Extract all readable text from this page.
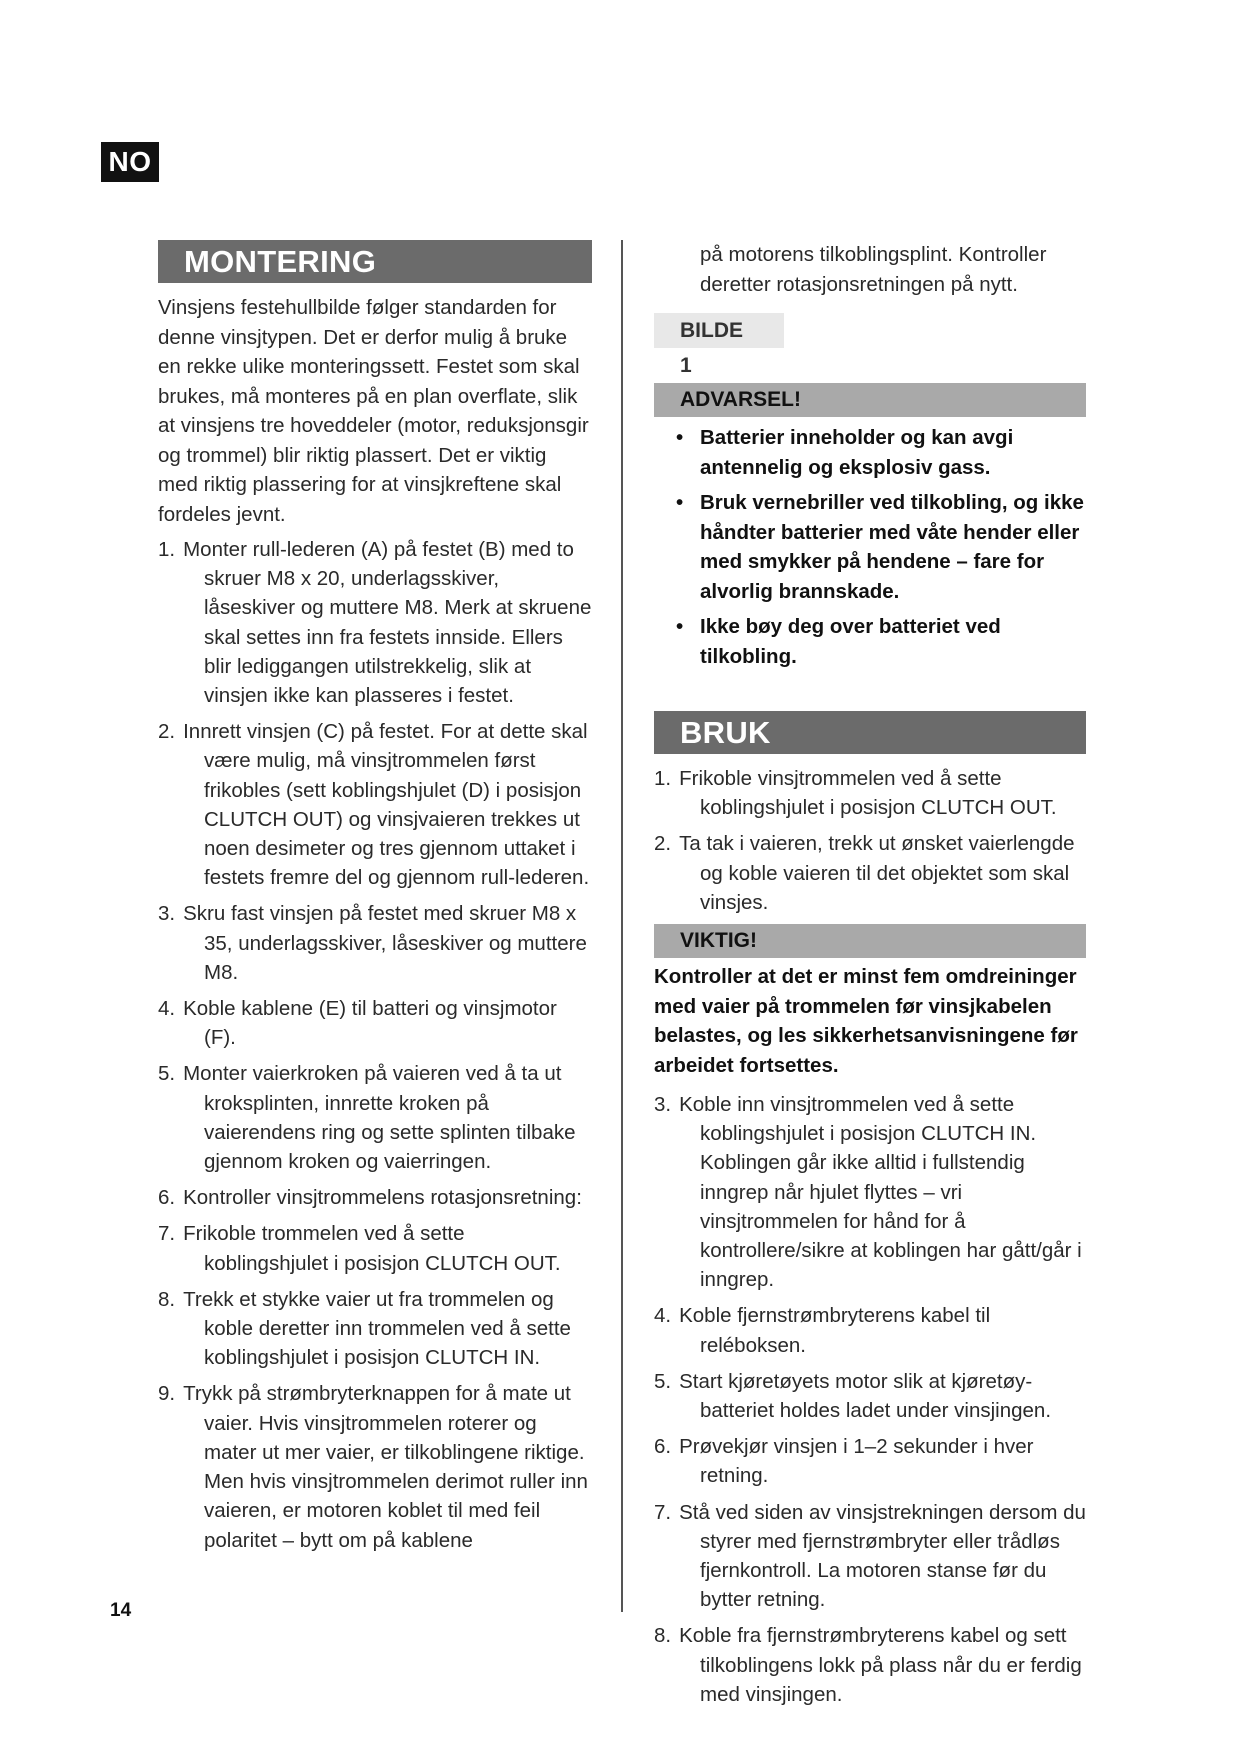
NO
MONTERING

Vinsjens festehullbilde følger standarden for denne vinsjtypen. Det er derfor mulig å bruke en rekke ulike monteringssett. Festet som skal brukes, må monteres på en plan overflate, slik at vinsjens tre hoveddeler (motor, reduksjonsgir og trommel) blir riktig plassert. Det er viktig med riktig plassering for at vinsjkreftene skal fordeles jevnt.

1. Monter rull-lederen (A) på festet (B) med to skruer M8 x 20, underlagsskiver, låseskiver og muttere M8. Merk at skruene skal settes inn fra festets innside. Ellers blir lediggangen utilstrekkelig, slik at vinsjen ikke kan plasseres i festet.
2. Innrett vinsjen (C) på festet. For at dette skal være mulig, må vinsjtrommelen først frikobles (sett koblingshjulet (D) i posisjon CLUTCH OUT) og vinsjvaieren trekkes ut noen desimeter og tres gjennom uttaket i festets fremre del og gjennom rull-lederen.
3. Skru fast vinsjen på festet med skruer M8 x 35, underlagsskiver, låseskiver og muttere M8.
4. Koble kablene (E) til batteri og vinsjmotor (F).
5. Monter vaierkroken på vaieren ved å ta ut kroksplinten, innrette kroken på vaierendens ring og sette splinten tilbake gjennom kroken og vaierringen.
6. Kontroller vinsjtrommelens rotasjonsretning:
7. Frikoble trommelen ved å sette koblingshjulet i posisjon CLUTCH OUT.
8. Trekk et stykke vaier ut fra trommelen og koble deretter inn trommelen ved å sette koblingshjulet i posisjon CLUTCH IN.
9. Trykk på strømbryterknappen for å mate ut vaier. Hvis vinsjtrommelen roterer og mater ut mer vaier, er tilkoblingene riktige. Men hvis vinsjtrommelen derimot ruller inn vaieren, er motoren koblet til med feil polaritet – bytt om på kablene

på motorens tilkoblingsplint. Kontroller deretter rotasjonsretningen på nytt.

BILDE 1
ADVARSEL!
• Batterier inneholder og kan avgi antennelig og eksplosiv gass.
• Bruk vernebriller ved tilkobling, og ikke håndter batterier med våte hender eller med smykker på hendene – fare for alvorlig brannskade.
• Ikke bøy deg over batteriet ved tilkobling.
BRUK
1. Frikoble vinsjtrommelen ved å sette koblingshjulet i posisjon CLUTCH OUT.
2. Ta tak i vaieren, trekk ut ønsket vaierlengde og koble vaieren til det objektet som skal vinsjes.
VIKTIG!

Kontroller at det er minst fem omdreininger med vaier på trommelen før vinsjkabelen belastes, og les sikkerhetsanvisningene før arbeidet fortsettes.

3. Koble inn vinsjtrommelen ved å sette koblingshjulet i posisjon CLUTCH IN. Koblingen går ikke alltid i fullstendig inngrep når hjulet flyttes – vri vinsjtrommelen for hånd for å kontrollere/sikre at koblingen har gått/går i inngrep.
4. Koble fjernstrømbryterens kabel til reléboksen.
5. Start kjøretøyets motor slik at kjøretøybatteriet holdes ladet under vinsjingen.
6. Prøvekjør vinsjen i 1–2 sekunder i hver retning.
7. Stå ved siden av vinsjstrekningen dersom du styrer med fjernstrømbryter eller trådløs fjernkontroll. La motoren stanse før du bytter retning.
8. Koble fra fjernstrømbryterens kabel og sett tilkoblingens lokk på plass når du er ferdig med vinsjingen.
14
